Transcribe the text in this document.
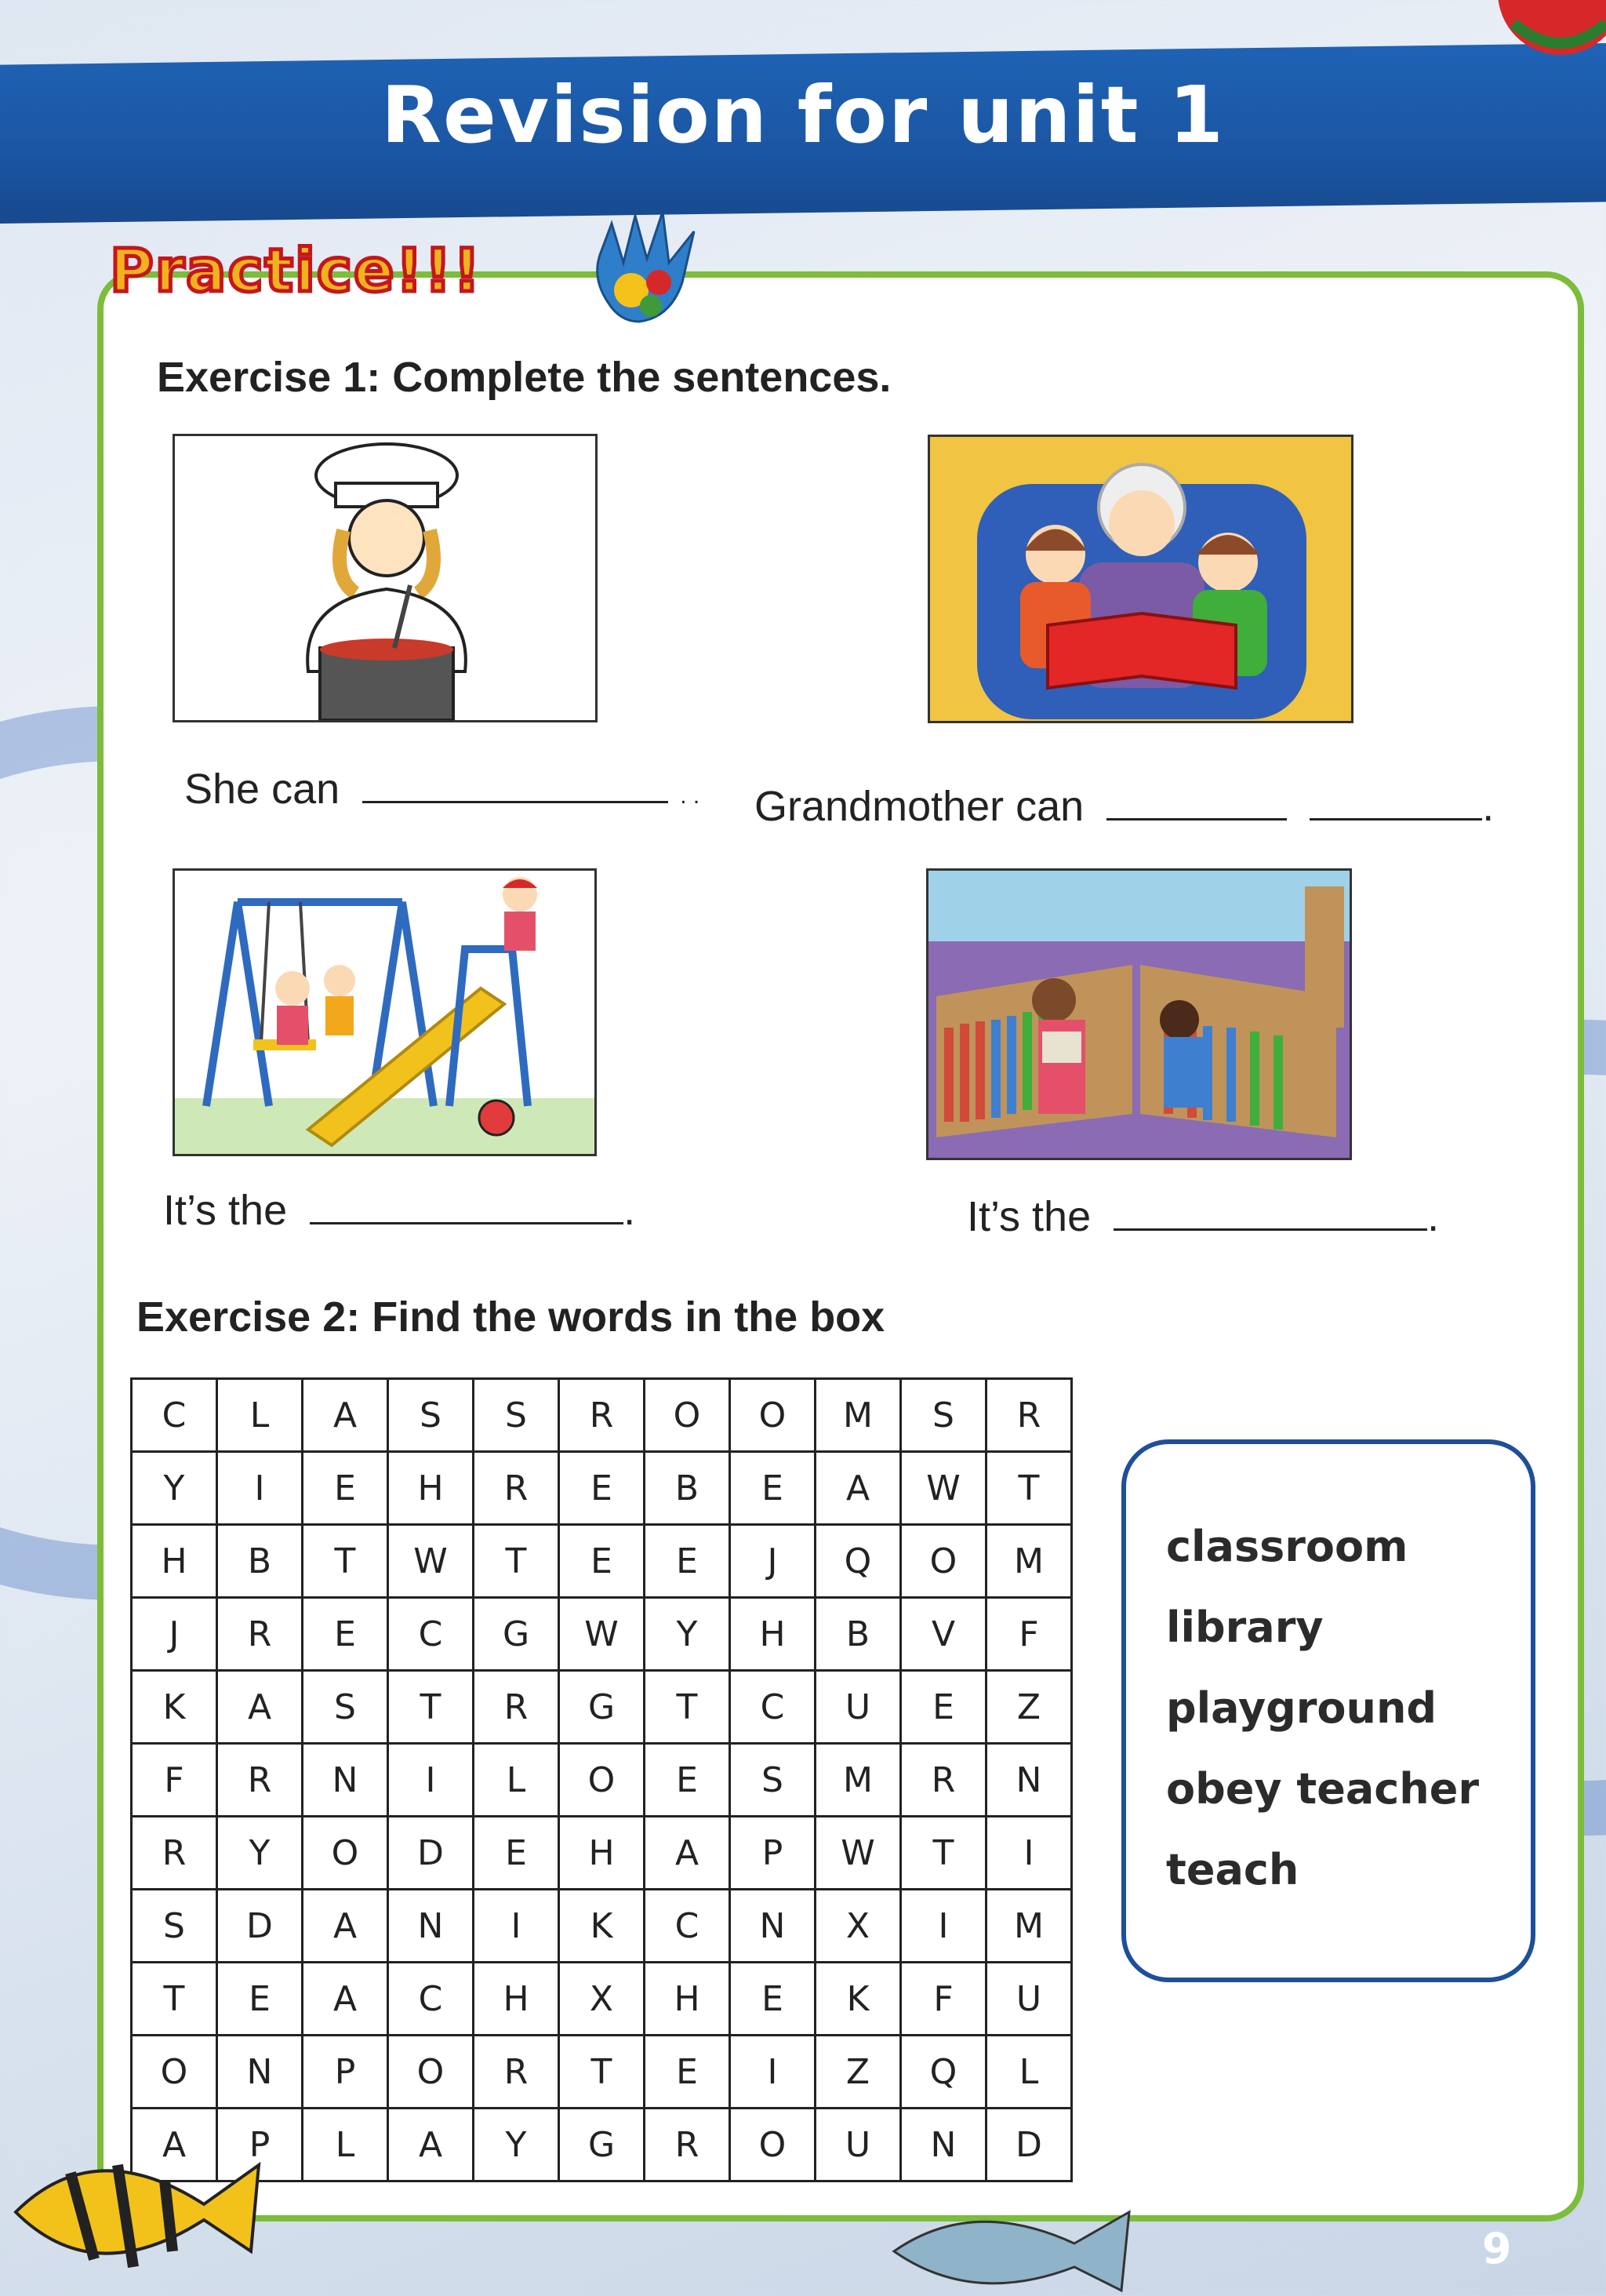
Revision for unit 1
Practice!!!
Exercise 1: Complete the sentences.
She can	. . Grandmother can	.
It’s the	.	It’s the	.
Exercise 2: Find the words in the box
C	L	A	S	S	R	O	O	M	S	R
Y	I	E	H	R	E	B	E	A	W	T
H	B	T	W	T	E	E	J	Q	O	M
J	R	E	C	G	W	Y	H	B	V	F
K	A	S	T	R	G	T	C	U	E	Z
F	R	N	I	L	O	E	S	M	R	N
R	Y	O	D	E	H	A	P	W	T	I
S	D	A	N	I	K	C	N	X	I	M
T	E	A	C	H	X	H	E	K	F	U
O	N	P	O	R	T	E	I	Z	Q	L
A	P	L	A	Y	G	R	O	U	N	D
classroom
library
playground
obey teacher
teach
9
